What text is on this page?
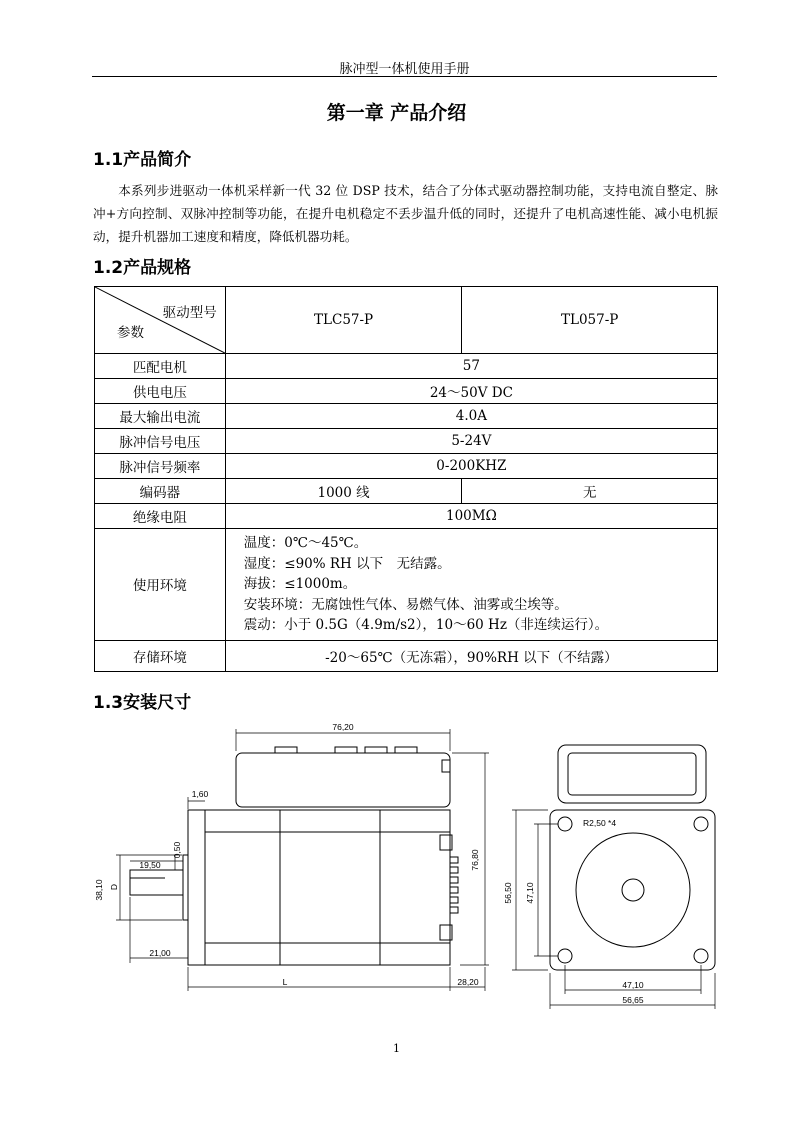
脉冲型一体机使用手册
第一章 产品介绍
1.1产品简介

本系列步进驱动一体机采样新一代 32 位 DSP 技术，结合了分体式驱动器控制功能，支持电流自整定、脉冲+方向控制、双脉冲控制等功能，在提升电机稳定不丢步温升低的同时，还提升了电机高速性能、减小电机振动，提升机器加工速度和精度，降低机器功耗。

1.2产品规格
驱动型号
参数	TLC57-P	TL057-P
匹配电机	57	
供电电压	24～50V DC	
最大输出电流	4.0A	
脉冲信号电压	5-24V	
脉冲信号频率	0-200KHZ	
编码器	1000 线	无
绝缘电阻	100MΩ	
使用环境	温度：0℃～45℃。
湿度：≤90% RH 以下　无结露。
海拔：≤1000m。
安装环境：无腐蚀性气体、易燃气体、油雾或尘埃等。
震动：小于 0.5G（4.9m/s2），10～60 Hz（非连续运行）。	

存储环境	-20～65℃（无冻霜），90%RH 以下（不结露）	
1.3安装尺寸
76,20
1,60
0,50
19,50
21,00
38,10 D
L	28,20
76,80
R2,50 *4
56,50 47,10
47,10
56,65
1
